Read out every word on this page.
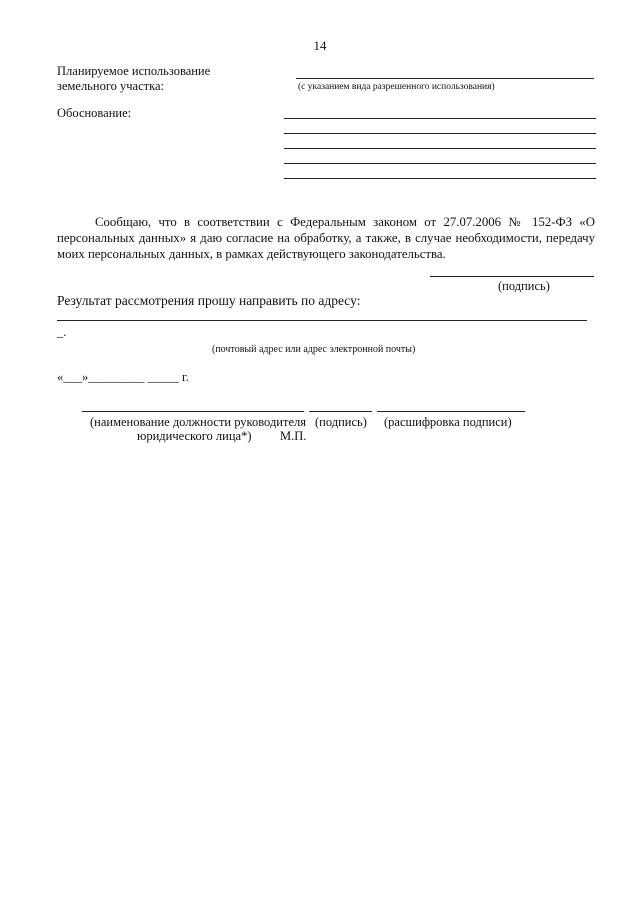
14
Планируемое использование
земельного участка:	(с указанием вида разрешенного использования)
Обоснование:
Сообщаю, что в соответствии с Федеральным законом от 27.07.2006 № 152-ФЗ «О персональных данных» я даю согласие на обработку, а также, в случае необходимости, передачу моих персональных данных, в рамках действующего законодательства.
(подпись)
Результат рассмотрения прошу направить по адресу:
_.
(почтовый адрес или адрес электронной почты)
«___»_________ _____ г.
(наименование должности руководителя
юридического лица*) М.П.
(подпись) (расшифровка подписи)
